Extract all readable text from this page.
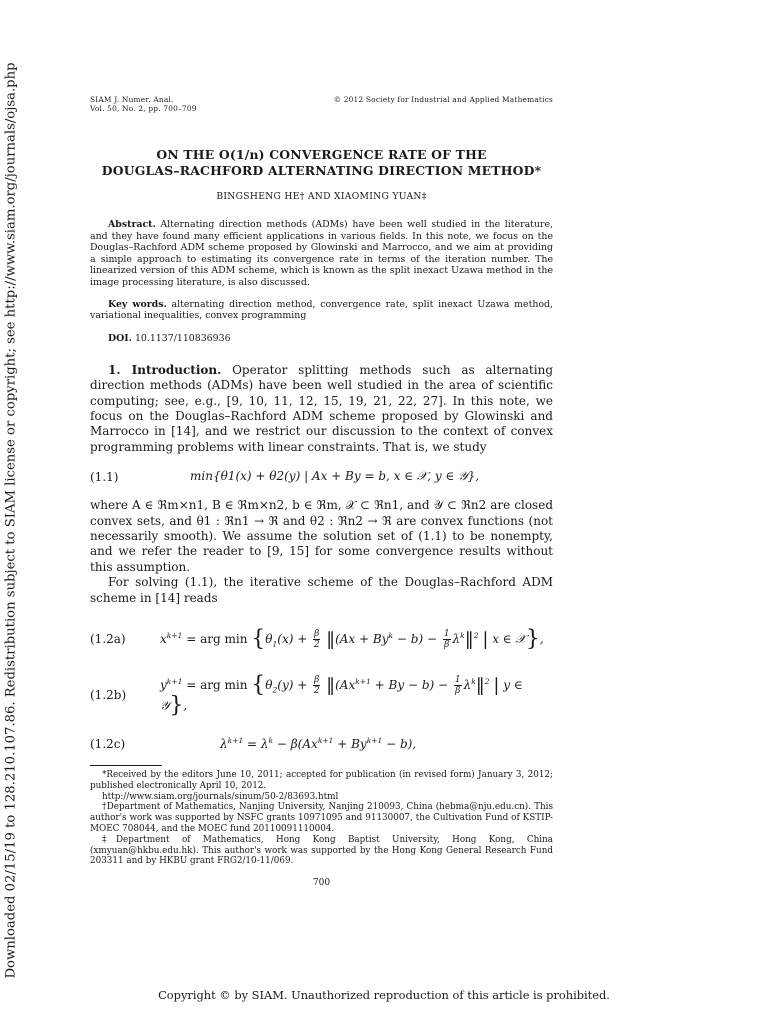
Downloaded 02/15/19 to 128.210.107.86. Redistribution subject to SIAM license or copyright; see http://www.siam.org/journals/ojsa.php	SIAM J. Numer. Anal.
Vol. 50, No. 2, pp. 700–709
© 2012 Society for Industrial and Applied Mathematics
ON THE O(1/n) CONVERGENCE RATE OF THE
DOUGLAS–RACHFORD ALTERNATING DIRECTION METHOD*
BINGSHENG HE† AND XIAOMING YUAN‡
Abstract. Alternating direction methods (ADMs) have been well studied in the literature, and they have found many efficient applications in various fields. In this note, we focus on the Douglas–Rachford ADM scheme proposed by Glowinski and Marrocco, and we aim at providing a simple approach to estimating its convergence rate in terms of the iteration number. The linearized version of this ADM scheme, which is known as the split inexact Uzawa method in the image processing literature, is also discussed.
Key words. alternating direction method, convergence rate, split inexact Uzawa method, variational inequalities, convex programming
DOI. 10.1137/110836936
1. Introduction. Operator splitting methods such as alternating direction methods (ADMs) have been well studied in the area of scientific computing; see, e.g., [9, 10, 11, 12, 15, 19, 21, 22, 27]. In this note, we focus on the Douglas–Rachford ADM scheme proposed by Glowinski and Marrocco in [14], and we restrict our discussion to the context of convex programming problems with linear constraints. That is, we study
(1.1)	min{θ1(x) + θ2(y) | Ax + By = b, x ∈ 𝒳, y ∈ 𝒴},
where A ∈ ℜm×n1, B ∈ ℜm×n2, b ∈ ℜm, 𝒳 ⊂ ℜn1, and 𝒴 ⊂ ℜn2 are closed convex sets, and θ1 : ℜn1 → ℜ and θ2 : ℜn2 → ℜ are convex functions (not necessarily smooth). We assume the solution set of (1.1) to be nonempty, and we refer the reader to [9, 15] for some convergence results without this assumption.
For solving (1.1), the iterative scheme of the Douglas–Rachford ADM scheme in [14] reads
(1.2a)	$x^{k+1}$ = arg $\min \{\theta_1(x) + \frac{\beta}{2}$ ‖(Ax + $By^k - b) - \frac{1}{\beta}$ $\lambda^k‖^2$ | x ∈ 𝒳},
(1.2b)
$y^{k+1}$ = arg $\min \{\theta_2(y) + \frac{\beta}{2}$ $‖(Ax^{k+1} + By - b) - \frac{1}{\beta}$ $\lambda^k‖^2$ | y ∈ 𝒴},
(1.2c)	$\lambda^{k+1} = \lambda^k - \beta(Ax^{k+1} + By^{k+1} - b)$,

*Received by the editors June 10, 2011; accepted for publication (in revised form) January 3, 2012; published electronically April 10, 2012.

http://www.siam.org/journals/sinum/50-2/83693.html

†Department of Mathematics, Nanjing University, Nanjing 210093, China (hebma@nju.edu.cn). This author's work was supported by NSFC grants 10971095 and 91130007, the Cultivation Fund of KSTIP-MOEC 708044, and the MOEC fund 20110091110004.

‡Department of Mathematics, Hong Kong Baptist University, Hong Kong, China (xmyuan@hkbu.edu.hk). This author's work was supported by the Hong Kong General Research Fund 203311 and by HKBU grant FRG2/10-11/069.

700
Copyright © by SIAM. Unauthorized reproduction of this article is prohibited.
